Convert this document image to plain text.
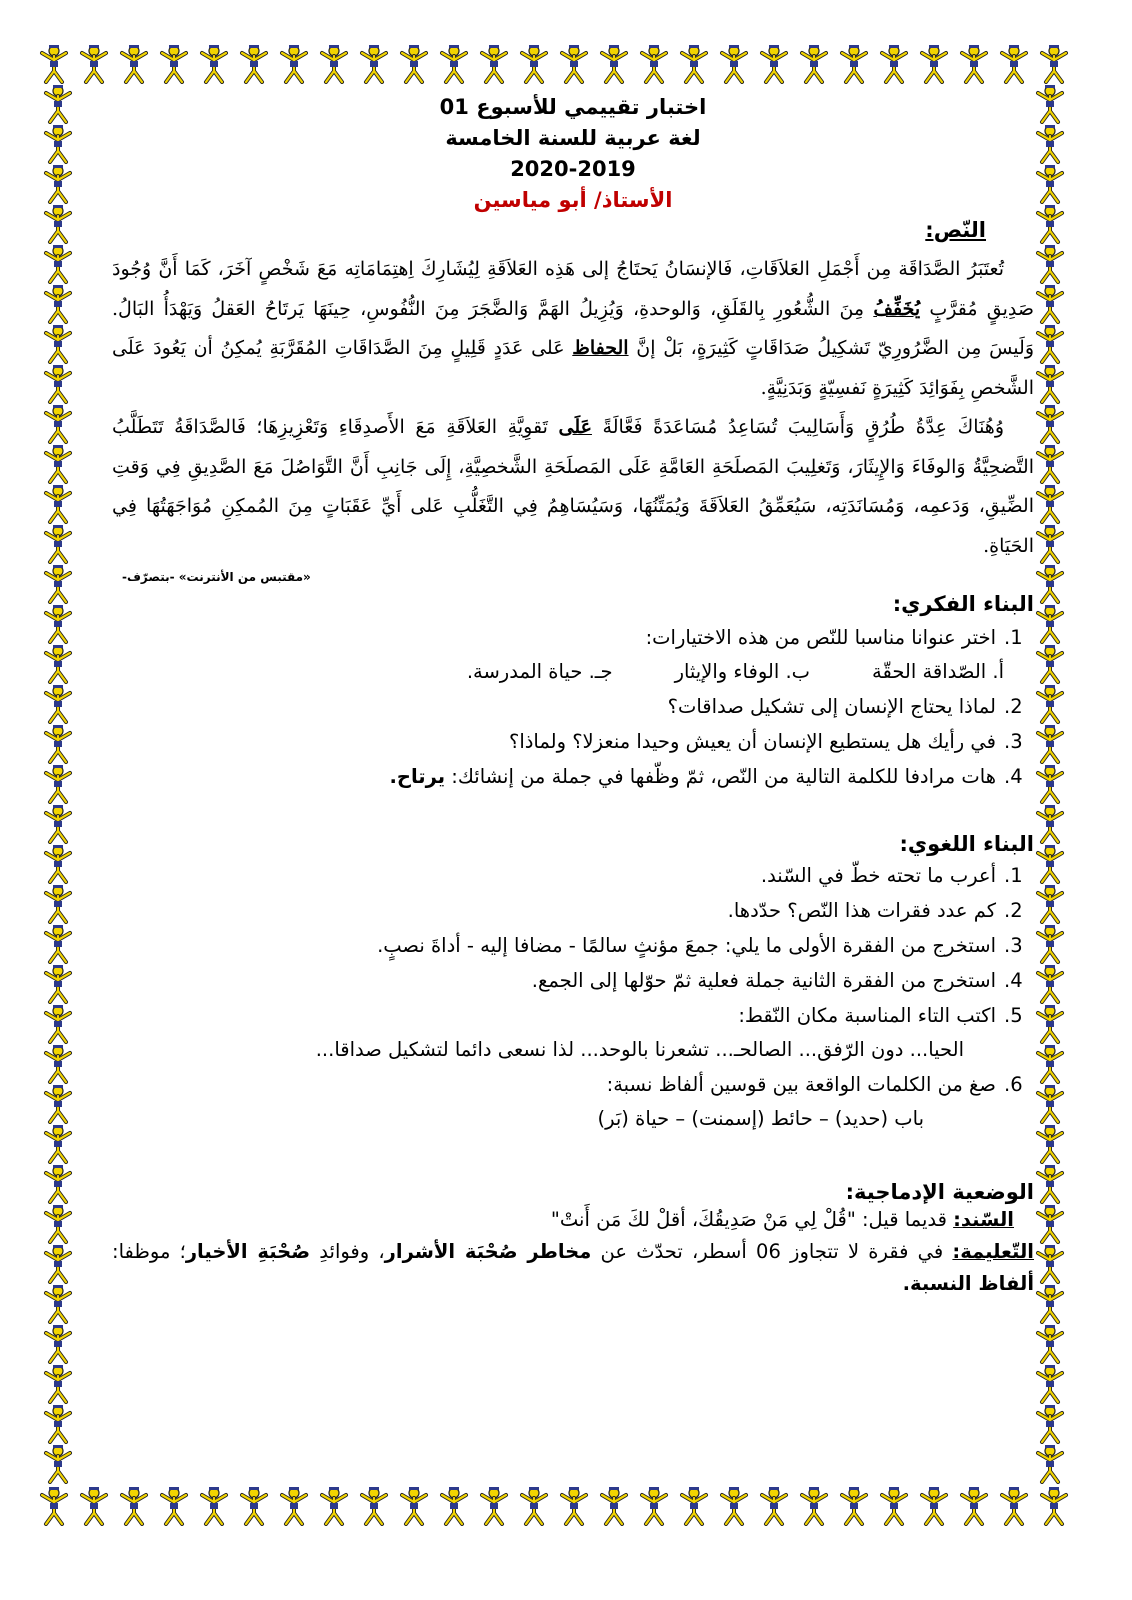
اختبار تقييمي للأسبوع 01
لغة عربية للسنة الخامسة
2020-2019
الأستاذ/ أبو مياسين
النّص:

تُعتَبَرُ الصَّدَاقَة مِن أَجْمَلِ العَلاَقَاتِ، فَالإنسَانُ يَحتَاجُ إلى هَذِه العَلاَقَةِ لِيُشَارِكَ اِهتِمَامَاتِه مَعَ شَخْصٍ آخَرَ، كَمَا أَنَّ وُجُودَ صَدِيقٍ مُقرَّبٍ يُخَفِّفُ مِنَ الشُّعُورِ بِالقَلَقِ، وَالوحدةِ، وَيُزِيلُ الهَمَّ وَالضَّجَرَ مِنَ النُّفُوسِ، حِينَهَا يَرتَاحُ العَقلُ وَيَهْدَأُ البَالُ. وَلَيسَ مِن الضَّرُورِيّ تَشكِيلُ صَدَاقَاتٍ كَثِيرَةٍ، بَلْ إنَّ الحفاظ عَلى عَدَدٍ قَلِيلٍ مِنَ الصَّدَاقَاتِ المُقَرَّبَةِ يُمكِنُ أن يَعُودَ عَلَى الشَّخصِ بِفَوَائِدَ كَثِيرَةٍ نَفسِيّةٍ وَبَدَنِيَّةٍ.

وُهُنَاكَ عِدَّةُ طُرُقٍ وَأَسَالِيبَ تُسَاعِدُ مُسَاعَدَةً فَعَّالَةً عَلَى تَقوِيَّةِ العَلاَقَةِ مَعَ الأَصدِقَاءِ وَتَعْزِيزِهَا؛ فَالصَّدَاقَةُ تَتَطَلَّبُ التَّضحِيَّةُ وَالوفَاءَ وَالإِيثَارَ، وَتَغلِيبَ المَصلَحَةِ العَامَّةِ عَلَى المَصلَحَةِ الشَّخصِيَّةِ، إِلَى جَانِبِ أَنَّ التَّوَاصُلَ مَعَ الصَّدِيقِ فِي وَقتِ الضِّيقِ، وَدَعمِه، وَمُسَانَدَتِه، سَيُعَمِّقُ العَلاَقَةَ وَيُمَتِّنُهَا، وَسَيُسَاهِمُ فِي التَّغَلُّبِ عَلى أَيِّ عَقَبَاتٍ مِنَ المُمكِنِ مُوَاجَهَتُهَا فِي الحَيَاةِ.

«مقتبس من الأنترنت» -بتصرّف-
البناء الفكري:
1.
اختر عنوانا مناسبا للنّص من هذه الاختيارات:
أ. الصّداقة الحقّة
ب. الوفاء والإيثار
جـ. حياة المدرسة.
2.
لماذا يحتاج الإنسان إلى تشكيل صداقات؟
3.
في رأيك هل يستطيع الإنسان أن يعيش وحيدا منعزلا؟ ولماذا؟
4.
هات مرادفا للكلمة التالية من النّص، ثمّ وظّفها في جملة من إنشائك: يرتاح.
البناء اللغوي:
1.
أعرب ما تحته خطّ في السّند.
2.
كم عدد فقرات هذا النّص؟ حدّدها.
3.
استخرج من الفقرة الأولى ما يلي: جمعَ مؤنثٍ سالمًا - مضافا إليه - أداةَ نصبٍ.
4.
استخرج من الفقرة الثانية جملة فعلية ثمّ حوّلها إلى الجمع.
5.
اكتب التاء المناسبة مكان النّقط:
الحيا... دون الرّفق... الصالحـ... تشعرنا بالوحد... لذا نسعى دائما لتشكيل صداقا...
6.
صغ من الكلمات الواقعة بين قوسين ألفاظ نسبة:
باب (حديد) – حائط (إسمنت) – حياة (بَر)
الوضعية الإدماجية:
السّند: قديما قيل: "قُلْ لِي مَنْ صَدِيقُكَ، أقلْ لكَ مَن أَنتْ"
التّعليمة: في فقرة لا تتجاوز 06 أسطر، تحدّث عن مخاطر صُحْبَة الأشرار، وفوائدِ صُحْبَةِ الأخيار؛ موظفا: ألفاظ النسبة.
